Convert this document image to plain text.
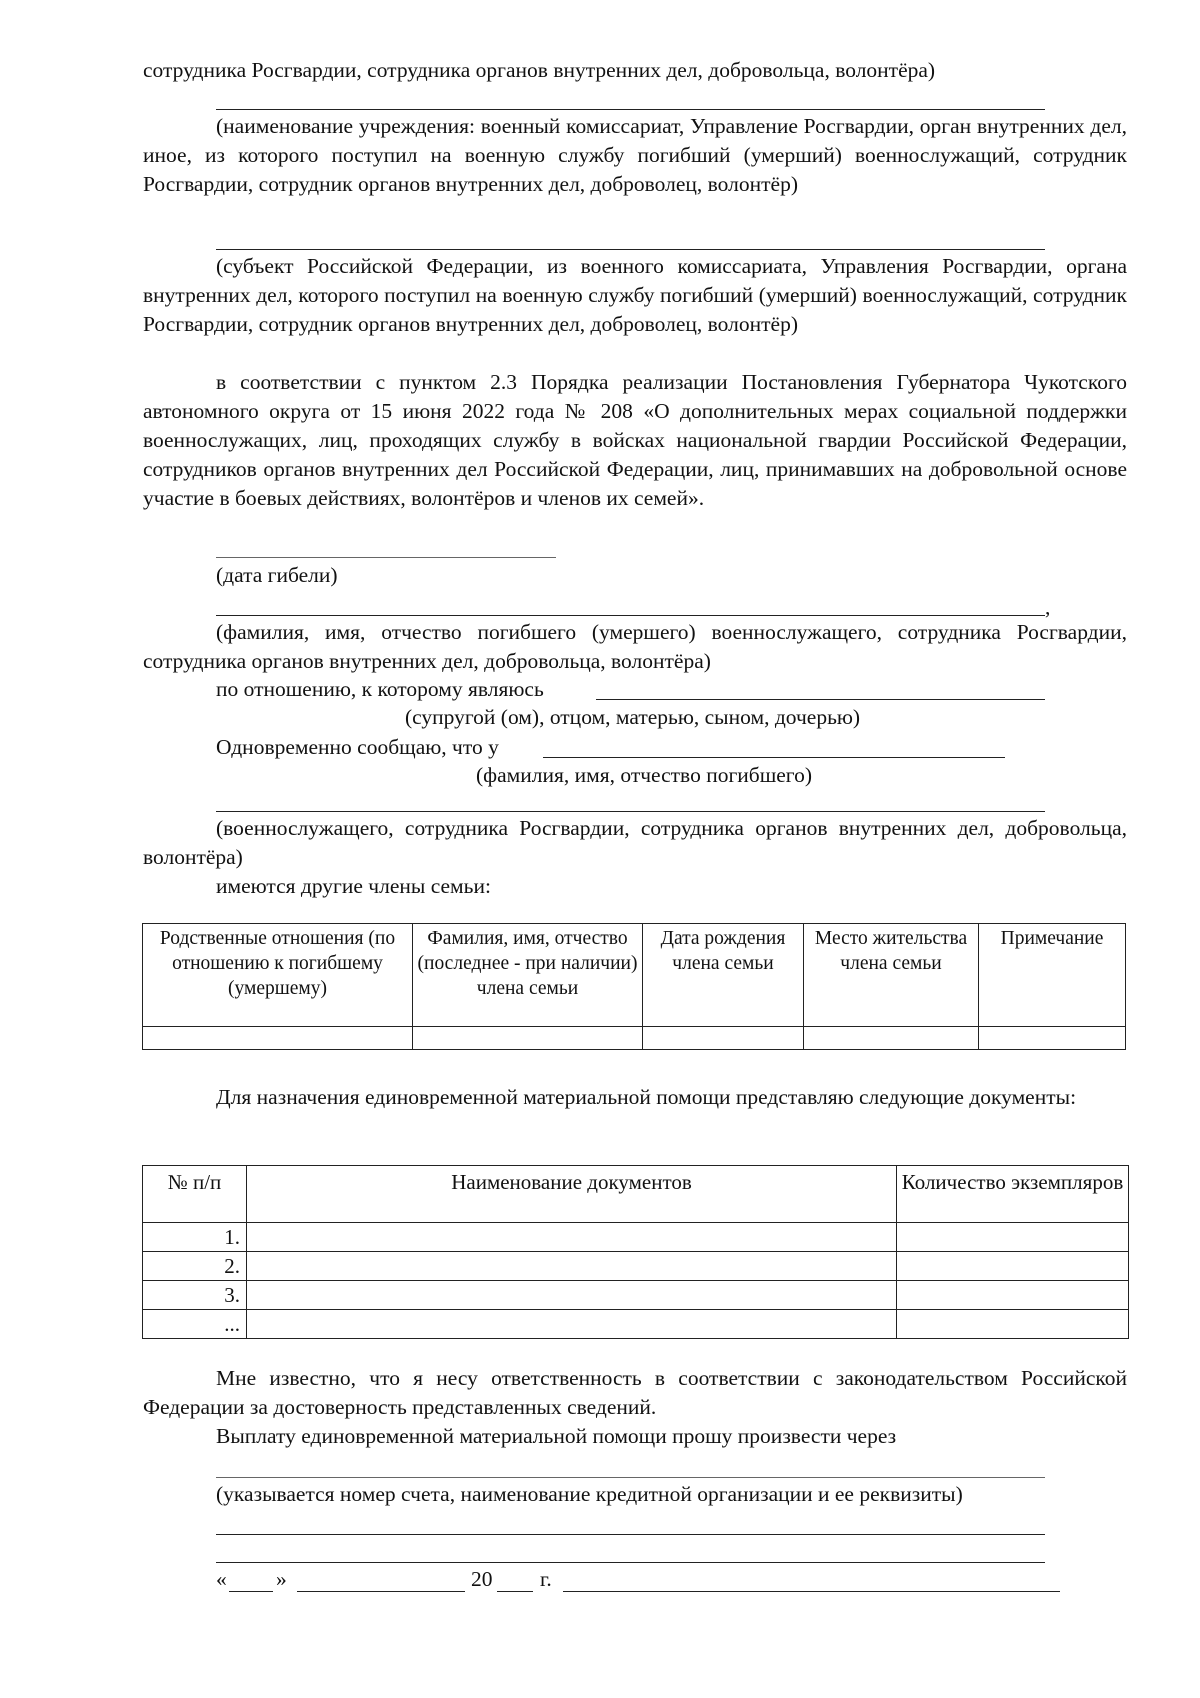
сотрудника Росгвардии, сотрудника органов внутренних дел, добровольца, волонтёра)
(наименование учреждения: военный комиссариат, Управление Росгвардии, орган внутренних дел, иное, из которого поступил на военную службу погибший (умерший) военнослужащий, сотрудник Росгвардии, сотрудник органов внутренних дел, доброволец, волонтёр)
(субъект Российской Федерации, из военного комиссариата, Управления Росгвардии, органа внутренних дел, которого поступил на военную службу погибший (умерший) военнослужащий, сотрудник Росгвардии, сотрудник органов внутренних дел, доброволец, волонтёр)
в соответствии с пунктом 2.3 Порядка реализации Постановления Губернатора Чукотского автономного округа от 15 июня 2022 года № 208 «О дополнительных мерах социальной поддержки военнослужащих, лиц, проходящих службу в войсках национальной гвардии Российской Федерации, сотрудников органов внутренних дел Российской Федерации, лиц, принимавших на добровольной основе участие в боевых действиях, волонтёров и членов их семей».
(дата гибели)
,
(фамилия, имя, отчество погибшего (умершего) военнослужащего, сотрудника Росгвардии, сотрудника органов внутренних дел, добровольца, волонтёра)
по отношению, к которому являюсь
(супругой (ом), отцом, матерью, сыном, дочерью)
Одновременно сообщаю, что у
(фамилия, имя, отчество погибшего)
(военнослужащего, сотрудника Росгвардии, сотрудника органов внутренних дел, добровольца, волонтёра)
имеются другие члены семьи:
Родственные отношения (по отношению к погибшему (умершему)	Фамилия, имя, отчество (последнее - при наличии) члена семьи	Дата рождения члена семьи	Место жительства члена семьи	Примечание

Для назначения единовременной материальной помощи представляю следующие документы:
№ п/п	Наименование документов	Количество экземпляров
1.		
2.		
3.		
...		
Мне известно, что я несу ответственность в соответствии с законодательством Российской Федерации за достоверность представленных сведений.
Выплату единовременной материальной помощи прошу произвести через
(указывается номер счета, наименование кредитной организации и ее реквизиты)
« »	20 г.
